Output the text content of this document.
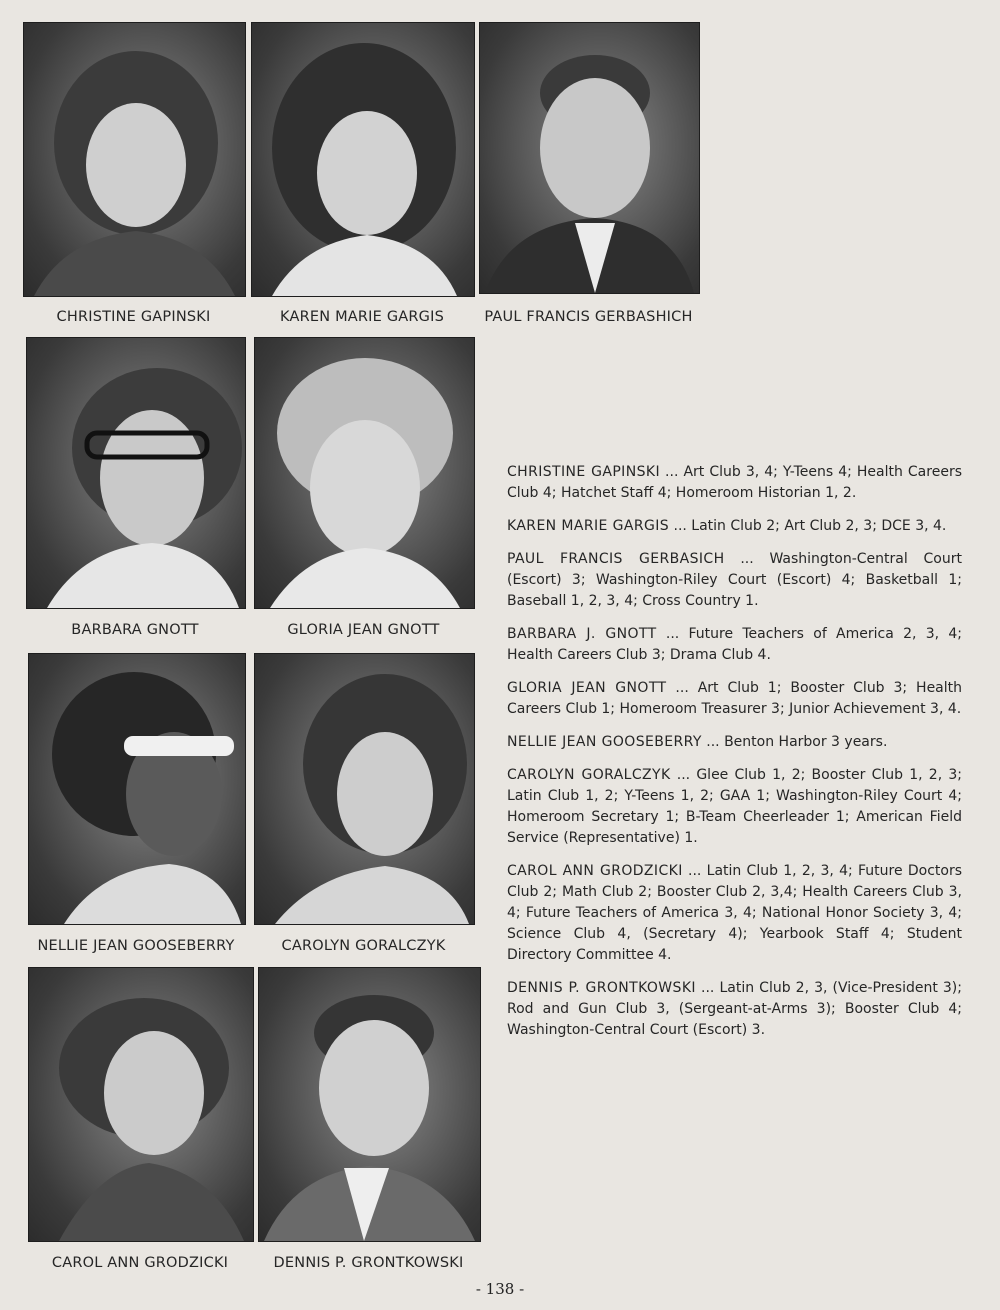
CHRISTINE GAPINSKI	KAREN MARIE GARGIS	PAUL FRANCIS GERBASHICH
BARBARA GNOTT	GLORIA JEAN GNOTT
NELLIE JEAN GOOSEBERRY	CAROLYN GORALCZYK
CAROL ANN GRODZICKI	DENNIS P. GRONTKOWSKI

CHRISTINE GAPINSKI ... Art Club 3, 4; Y-Teens 4; Health Careers Club 4; Hatchet Staff 4; Homeroom Historian 1, 2.

KAREN MARIE GARGIS ... Latin Club 2; Art Club 2, 3; DCE 3, 4.

PAUL FRANCIS GERBASICH ... Washington-Central Court (Escort) 3; Washington-Riley Court (Escort) 4; Basketball 1; Baseball 1, 2, 3, 4; Cross Country 1.

BARBARA J. GNOTT ... Future Teachers of America 2, 3, 4; Health Careers Club 3; Drama Club 4.

GLORIA JEAN GNOTT ... Art Club 1; Booster Club 3; Health Careers Club 1; Homeroom Treasurer 3; Junior Achievement 3, 4.

NELLIE JEAN GOOSEBERRY ... Benton Harbor 3 years.

CAROLYN GORALCZYK ... Glee Club 1, 2; Booster Club 1, 2, 3; Latin Club 1, 2; Y-Teens 1, 2; GAA 1; Washington-Riley Court 4; Homeroom Secretary 1; B-Team Cheerleader 1; American Field Service (Representative) 1.

CAROL ANN GRODZICKI ... Latin Club 1, 2, 3, 4; Future Doctors Club 2; Math Club 2; Booster Club 2, 3,4; Health Careers Club 3, 4; Future Teachers of America 3, 4; National Honor Society 3, 4; Science Club 4, (Secretary 4); Yearbook Staff 4; Student Directory Committee 4.

DENNIS P. GRONTKOWSKI ... Latin Club 2, 3, (Vice-President 3); Rod and Gun Club 3, (Sergeant-at-Arms 3); Booster Club 4; Washington-Central Court (Escort) 3.

- 138 -
